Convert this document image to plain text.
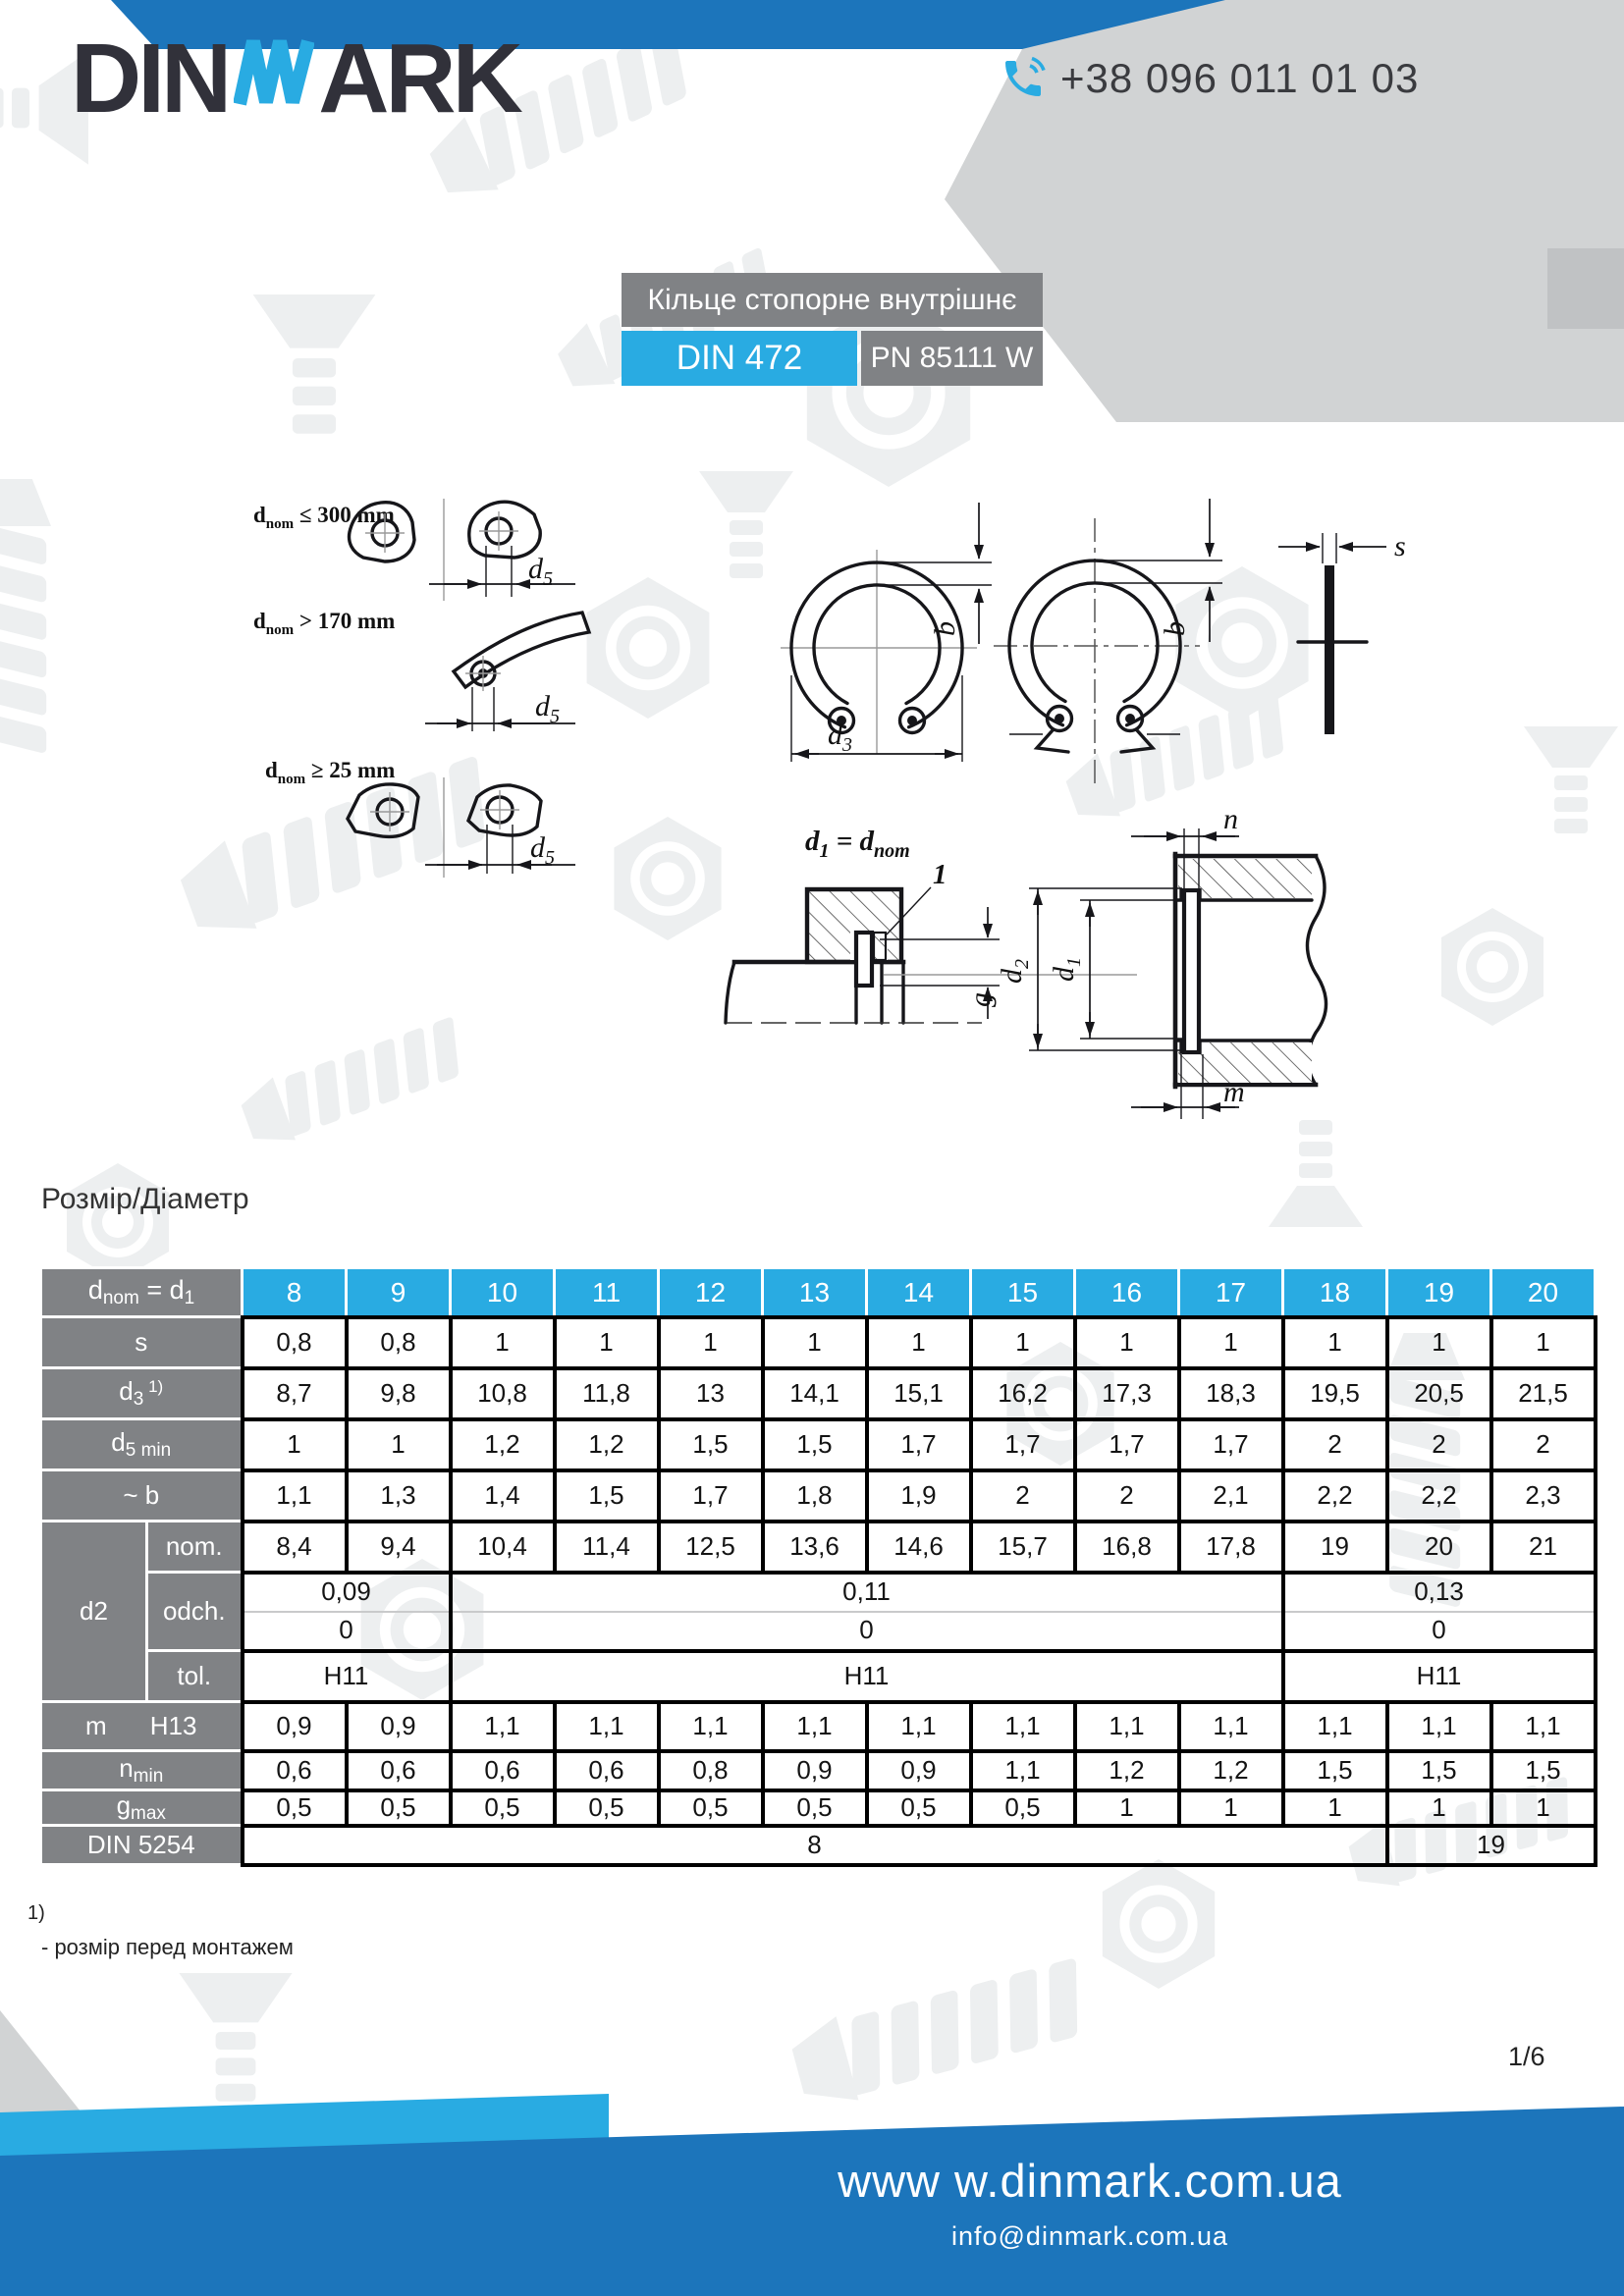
$d_{nom} \le 300$ mm
$d_5$
$d_{nom} > 170$ mm
$d_5$
$d_{nom} \ge 25$ mm
$d_5$
b
$d_3$
b
s
$d_1 = d_{nom}$
1
g
n
m
$d_2$
$d_1$
DIN ARK	+38 096 011 01 03
Кільце стопорне внутрішнє
DIN 472 PN 85111 W
Розмір/Діаметр
$d_{nom} = d_1$		8	9	10	11	12	13	14	15	16	17	18	19	20
s		0,8	0,8	1	1	1	1	1	1	1	1	1	1	1
$d_3$ $^{1)}$		8,7	9,8	10,8	11,8	13	14,1	15,1	16,2	17,3	18,3	19,5	20,5	21,5
$d_{5 min}$		1	1	1,2	1,2	1,5	1,5	1,7	1,7	1,7	1,7	2	2	2
~ b		1,1	1,3	1,4	1,5	1,7	1,8	1,9	2	2	2,1	2,2	2,2	2,3
d2	nom.	8,4	9,4	10,4	11,4	12,5	13,6	14,6	15,7	16,8	17,8	19	20	21
	odch.	0,09		0,11								0,13		
		0		0								0		
	tol.	H11		H11								H11		

m H13		0,9	0,9	1,1	1,1	1,1	1,1	1,1	1,1	1,1	1,1	1,1	1,1	1,1
$n_{min}$		0,6	0,6	0,6	0,6	0,8	0,9	0,9	1,1	1,2	1,2	1,5	1,5	1,5
$g_{max}$		0,5	0,5	0,5	0,5	0,5	0,5	0,5	0,5	1	1	1	1	1
DIN 5254		8											19	
1)
- розмір перед монтажем
1/6
www w.dinmark.com.ua
info@dinmark.com.ua
